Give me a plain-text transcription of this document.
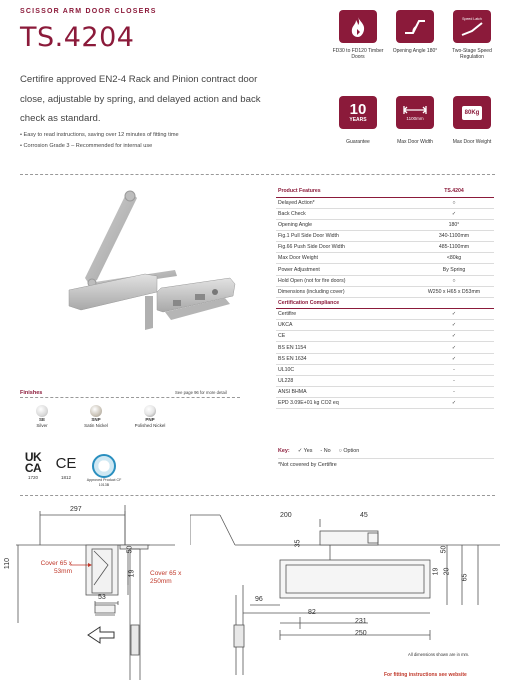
SCISSOR ARM DOOR CLOSERS
TS.4204
Certifire approved EN2-4 Rack and Pinion contract door close, adjustable by spring, and delayed action and back check as standard.
• Easy to read instructions, saving over 12 minutes of fitting time
• Corrosion Grade 3 – Recommended for internal use
FD30 to FD120 Timber Doors
Opening Angle 180°
Speed Latch
Two-Stage Speed Regulation
10
YEARS
Guarantee
1100mm
Max Door Width
80Kg
Max Door Weight
Finishes	See page 96 for more detail
SE
Silver
SNP
Satin Nickel
PNP
Polished Nickel
UK CA
1720
CE
1812	Approved Product CF 1013B
Product Features	TS.4204
Delayed Action*	○
Back Check	✓
Opening Angle	180°
Fig.1 Pull Side Door Width	340-1100mm
Fig.66 Push Side Door Width	485-1100mm
Max Door Weight	<80kg
Power Adjustment	By Spring
Hold Open (not for fire doors)	○
Dimensions (including cover)	W250 x H65 x D53mm
Certification Compliance	
Certifire	✓
UKCA	✓
CE	✓
BS EN 1154	✓
BS EN 1634	✓
UL10C	-
UL228	-
ANSI BHMA	-
EPD 3.09E+01 kg CO2 eq	✓
Key: ✓ Yes - No ○ Option
*Not covered by Certifire
297
110
50
19
53
Cover 65 x 53mm	Cover 65 x 250mm
200	45
35
50
19 20
65
96
82
231
250
All dimensions shown are in mm.
For fitting instructions see website
